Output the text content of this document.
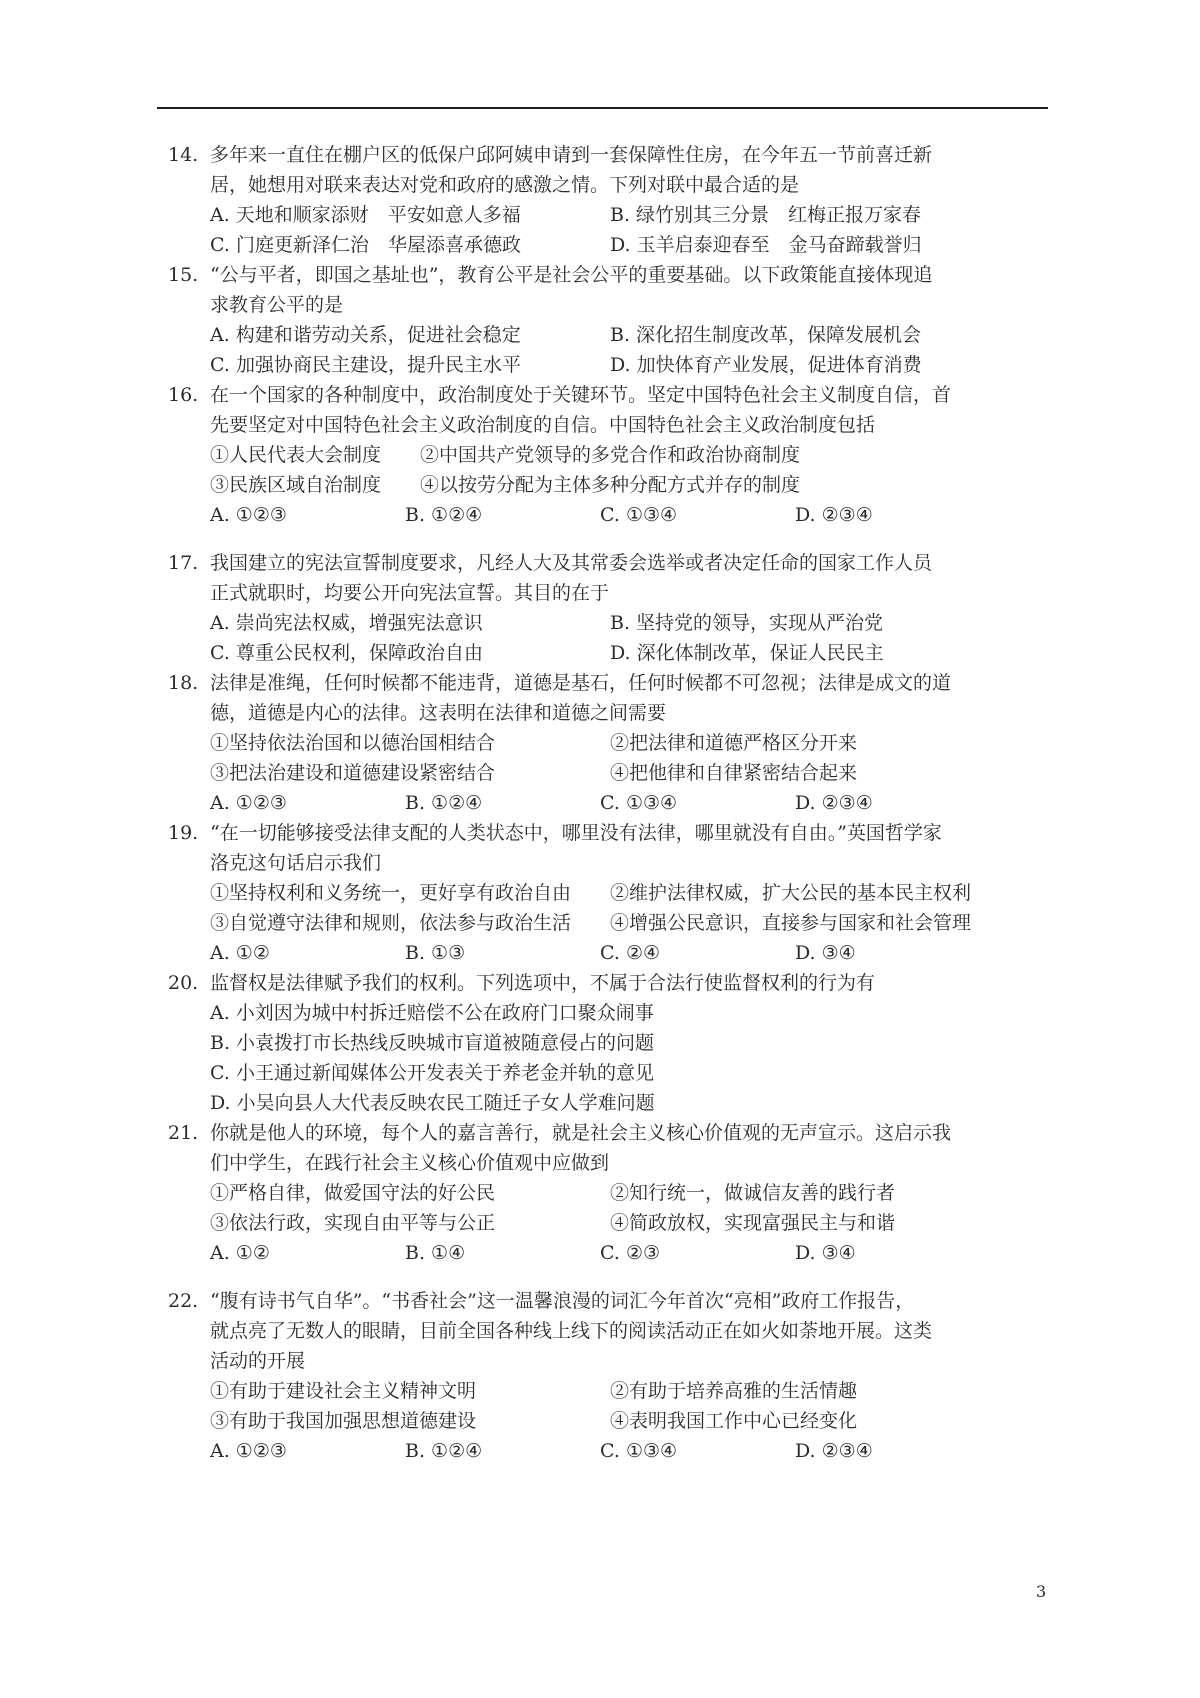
14. 多年来一直住在棚户区的低保户邱阿姨申请到一套保障性住房，在今年五一节前喜迁新
居，她想用对联来表达对党和政府的感激之情。下列对联中最合适的是
A. 天地和顺家添财　平安如意人多福	B. 绿竹别其三分景　红梅正报万家春
C. 门庭更新泽仁治　华屋添喜承德政	D. 玉羊启泰迎春至　金马奋蹄载誉归
15. “公与平者，即国之基址也”，教育公平是社会公平的重要基础。以下政策能直接体现追
求教育公平的是
A. 构建和谐劳动关系，促进社会稳定	B. 深化招生制度改革，保障发展机会
C. 加强协商民主建设，提升民主水平	D. 加快体育产业发展，促进体育消费
16. 在一个国家的各种制度中，政治制度处于关键环节。坚定中国特色社会主义制度自信，首
先要坚定对中国特色社会主义政治制度的自信。中国特色社会主义政治制度包括
①人民代表大会制度	②中国共产党领导的多党合作和政治协商制度
③民族区域自治制度	④以按劳分配为主体多种分配方式并存的制度
A. ①②③	B. ①②④	C. ①③④	D. ②③④
17. 我国建立的宪法宣誓制度要求，凡经人大及其常委会选举或者决定任命的国家工作人员
正式就职时，均要公开向宪法宣誓。其目的在于
A. 崇尚宪法权威，增强宪法意识	B. 坚持党的领导，实现从严治党
C. 尊重公民权利，保障政治自由	D. 深化体制改革，保证人民民主
18. 法律是准绳，任何时候都不能违背，道德是基石，任何时候都不可忽视；法律是成文的道
德，道德是内心的法律。这表明在法律和道德之间需要
①坚持依法治国和以德治国相结合	②把法律和道德严格区分开来
③把法治建设和道德建设紧密结合	④把他律和自律紧密结合起来
A. ①②③	B. ①②④	C. ①③④	D. ②③④
19. “在一切能够接受法律支配的人类状态中，哪里没有法律，哪里就没有自由。”英国哲学家
洛克这句话启示我们
①坚持权利和义务统一，更好享有政治自由	②维护法律权威，扩大公民的基本民主权利
③自觉遵守法律和规则，依法参与政治生活	④增强公民意识，直接参与国家和社会管理
A. ①②	B. ①③	C. ②④	D. ③④
20. 监督权是法律赋予我们的权利。下列选项中，不属于合法行使监督权利的行为有
A. 小刘因为城中村拆迁赔偿不公在政府门口聚众闹事
B. 小袁拨打市长热线反映城市盲道被随意侵占的问题
C. 小王通过新闻媒体公开发表关于养老金并轨的意见
D. 小吴向县人大代表反映农民工随迁子女人学难问题
21. 你就是他人的环境，每个人的嘉言善行，就是社会主义核心价值观的无声宣示。这启示我
们中学生，在践行社会主义核心价值观中应做到
①严格自律，做爱国守法的好公民	②知行统一，做诚信友善的践行者
③依法行政，实现自由平等与公正	④简政放权，实现富强民主与和谐
A. ①②	B. ①④	C. ②③	D. ③④
22. “腹有诗书气自华”。“书香社会”这一温馨浪漫的词汇今年首次“亮相”政府工作报告，
就点亮了无数人的眼睛，目前全国各种线上线下的阅读活动正在如火如荼地开展。这类
活动的开展
①有助于建设社会主义精神文明	②有助于培养高雅的生活情趣
③有助于我国加强思想道德建设	④表明我国工作中心已经变化
A. ①②③	B. ①②④	C. ①③④	D. ②③④
3
